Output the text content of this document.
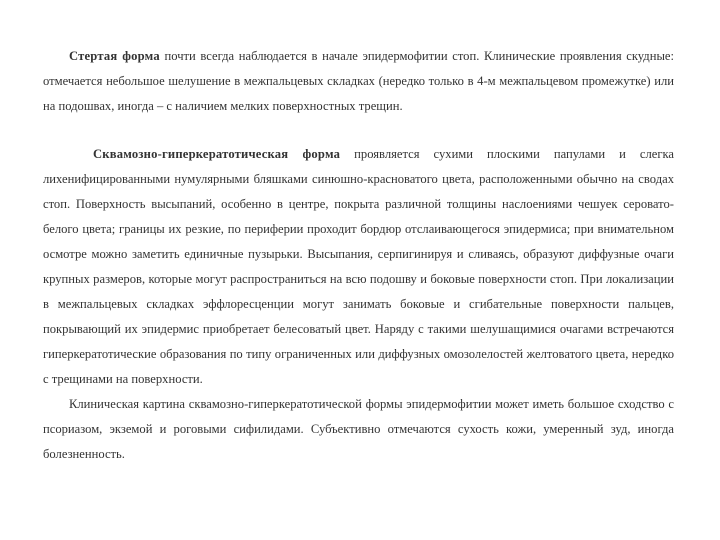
Стертая форма почти всегда наблюдается в начале эпидермофитии стоп. Клинические проявления скудные: отмечается небольшое шелушение в межпальцевых складках (нередко только в 4-м межпальцевом промежутке) или на подошвах, иногда – с наличием мелких поверхностных трещин.

Сквамозно-гиперкератотическая форма проявляется сухими плоскими папулами и слегка лихенифицированными нумулярными бляшками синюшно-красноватого цвета, расположенными обычно на сводах стоп. Поверхность высыпаний, особенно в центре, покрыта различной толщины наслоениями чешуек серовато-белого цвета; границы их резкие, по периферии проходит бордюр отслаивающегося эпидермиса; при внимательном осмотре можно заметить единичные пузырьки. Высыпания, серпигинируя и сливаясь, образуют диффузные очаги крупных размеров, которые могут распространиться на всю подошву и боковые поверхности стоп. При локализации в межпальцевых складках эффлоресценции могут занимать боковые и сгибательные поверхности пальцев, покрывающий их эпидермис приобретает белесоватый цвет. Наряду с такими шелушащимися очагами встречаются гиперкератотические образования по типу ограниченных или диффузных омозолелостей желтоватого цвета, нередко с трещинами на поверхности.

Клиническая картина сквамозно-гиперкератотической формы эпидермофитии может иметь большое сходство с псориазом, экземой и роговыми сифилидами. Субъективно отмечаются сухость кожи, умеренный зуд, иногда болезненность.
